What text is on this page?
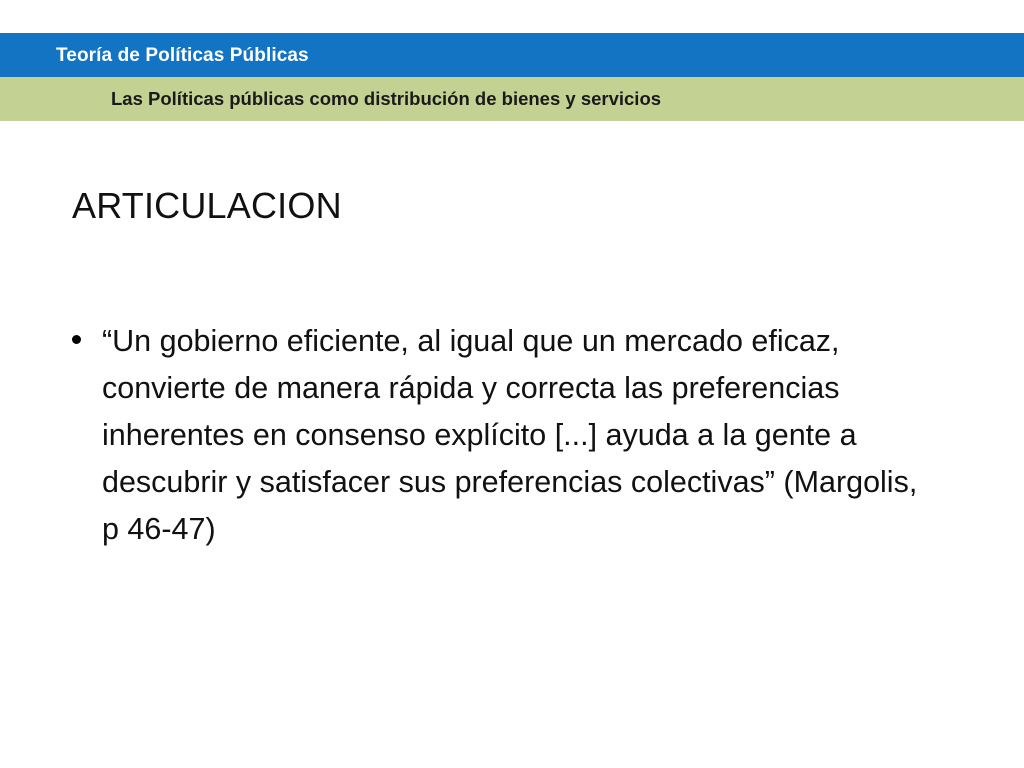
Teoría de Políticas Públicas
Las Políticas públicas como distribución de bienes y servicios
ARTICULACION
“Un gobierno eficiente, al igual que un mercado eficaz, convierte de manera rápida y correcta las preferencias inherentes en consenso explícito [...] ayuda a la gente a descubrir y satisfacer sus preferencias colectivas” (Margolis, p 46-47)
